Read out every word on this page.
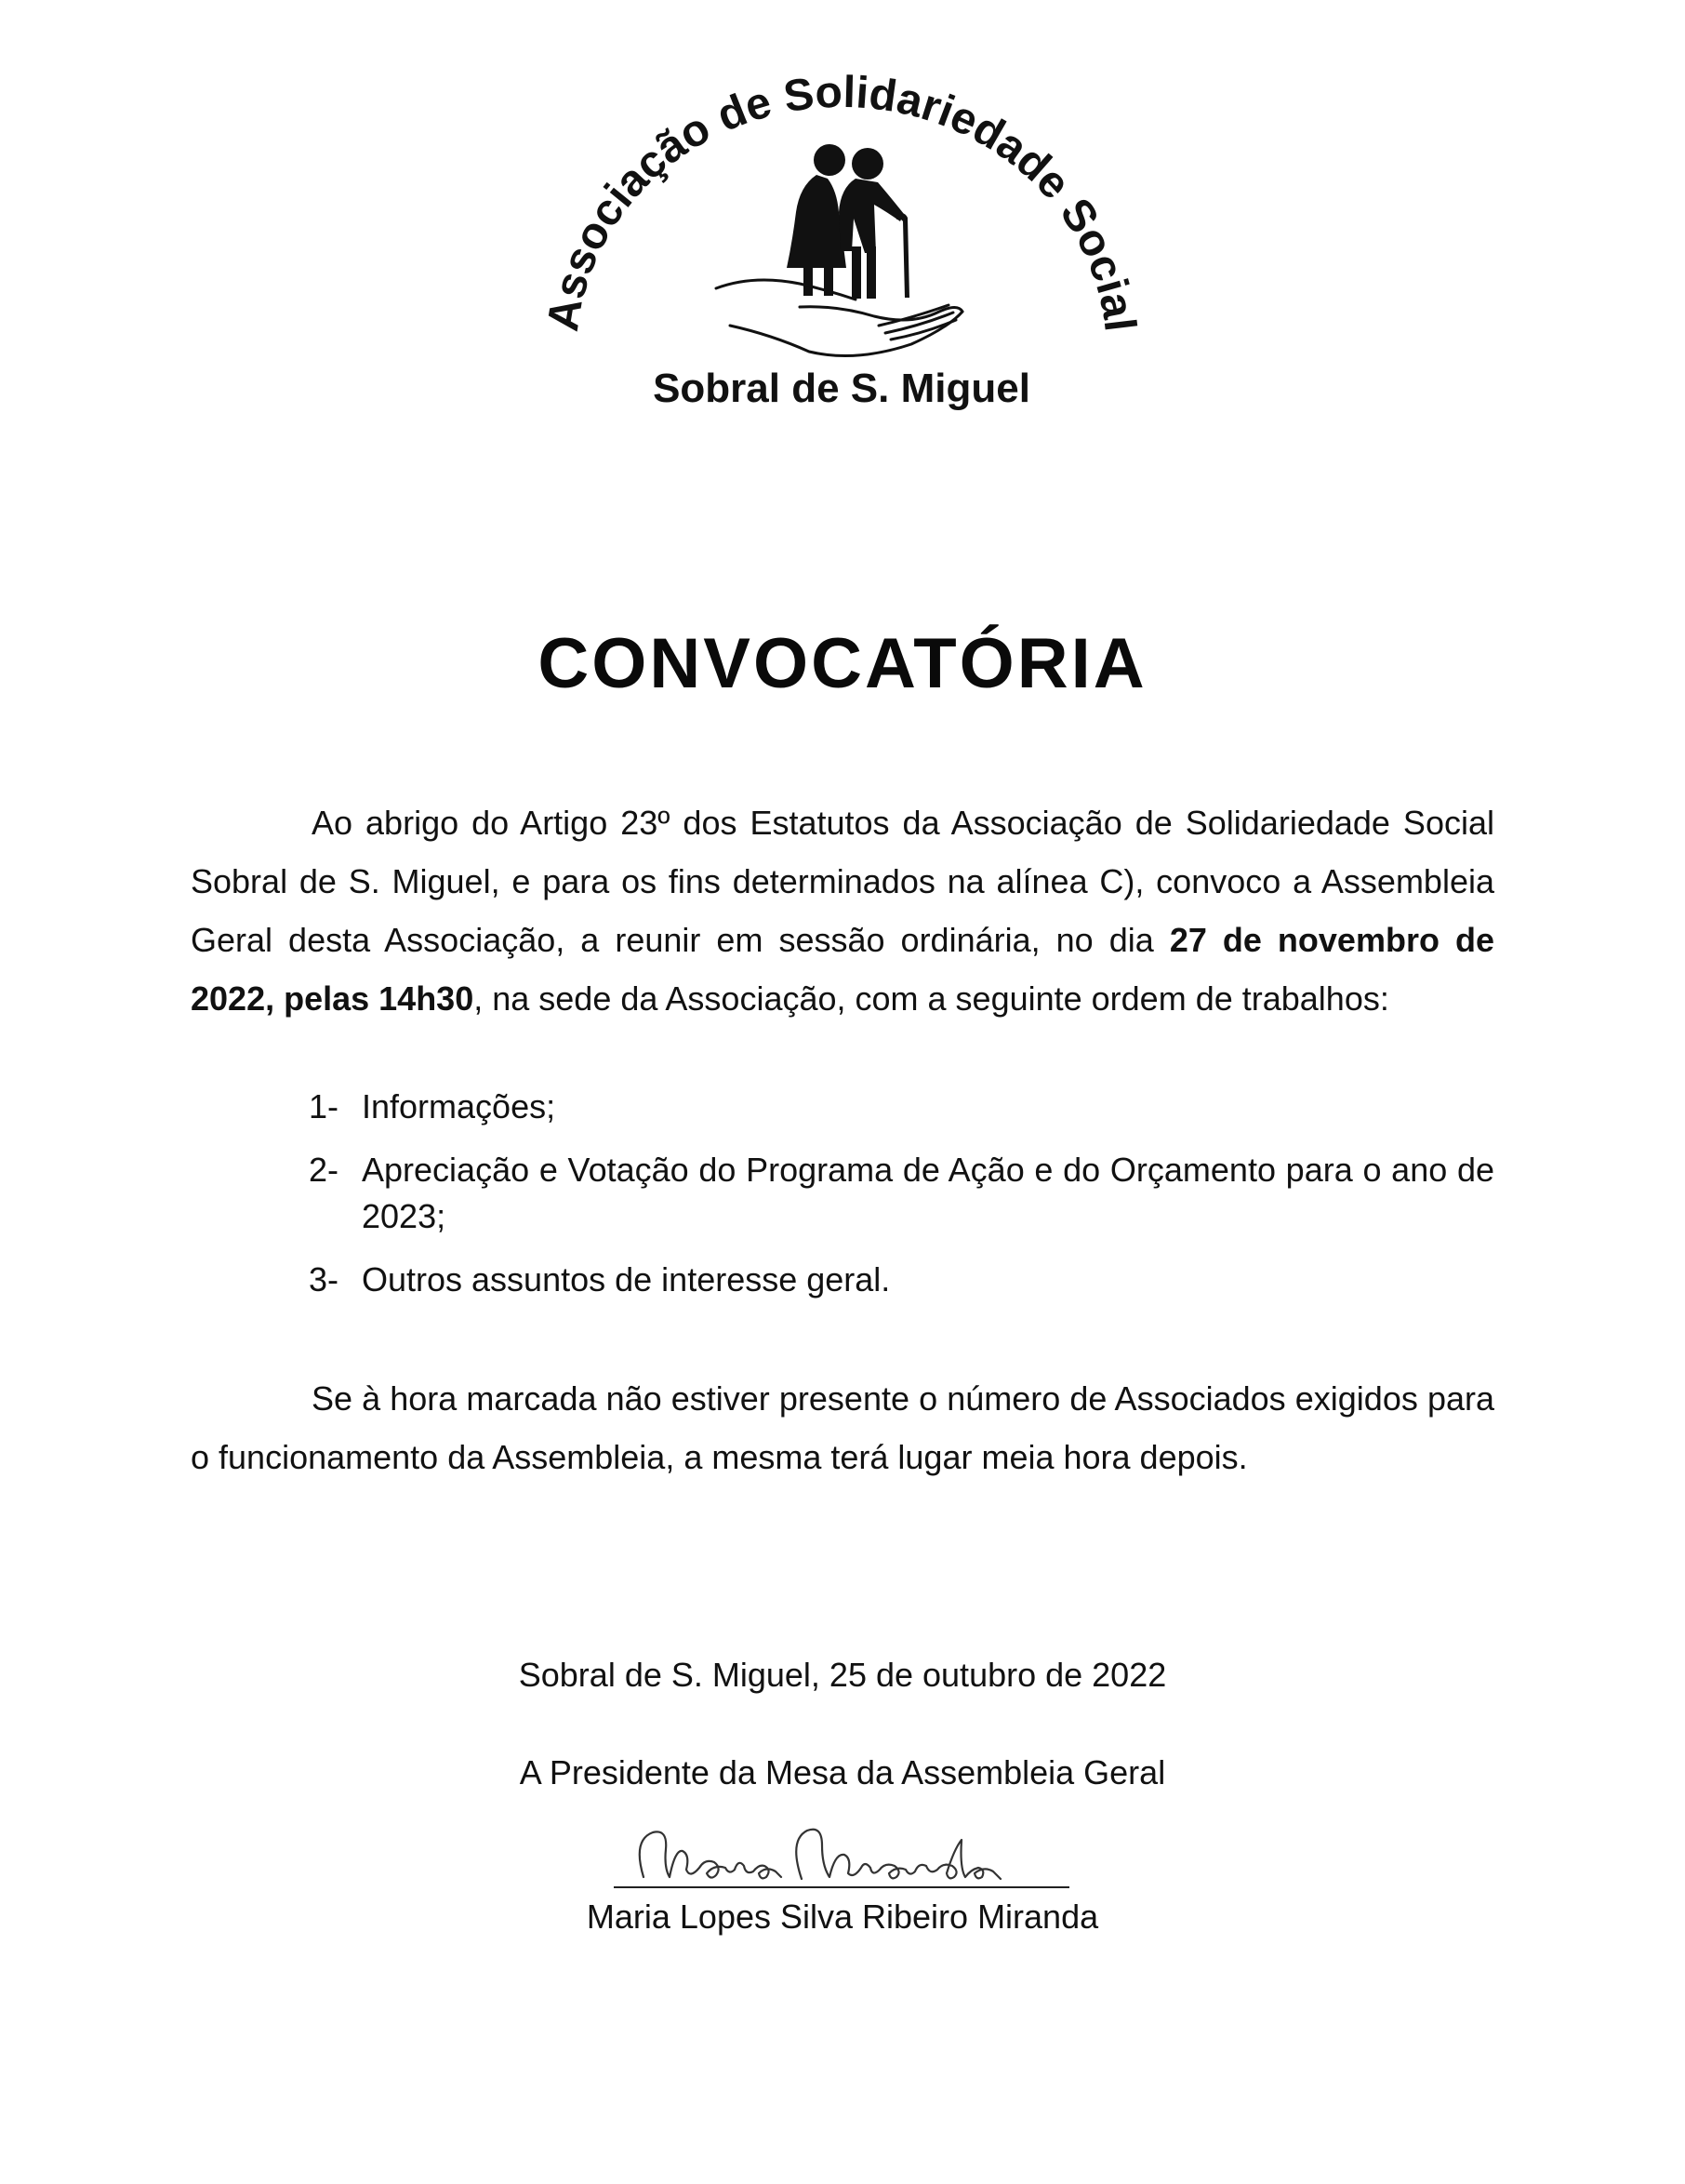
Associação de Solidariedade Social
Sobral de S. Miguel
CONVOCATÓRIA
Ao abrigo do Artigo 23º dos Estatutos da Associação de Solidariedade Social Sobral de S. Miguel, e para os fins determinados na alínea C), convoco a Assembleia Geral desta Associação, a reunir em sessão ordinária, no dia 27 de novembro de 2022, pelas 14h30, na sede da Associação, com a seguinte ordem de trabalhos:
1- Informações;
2- Apreciação e Votação do Programa de Ação e do Orçamento para o ano de 2023;
3- Outros assuntos de interesse geral.
Se à hora marcada não estiver presente o número de Associados exigidos para o funcionamento da Assembleia, a mesma terá lugar meia hora depois.
Sobral de S. Miguel, 25 de outubro de 2022
A Presidente da Mesa da Assembleia Geral
Maria Lopes Silva Ribeiro Miranda
